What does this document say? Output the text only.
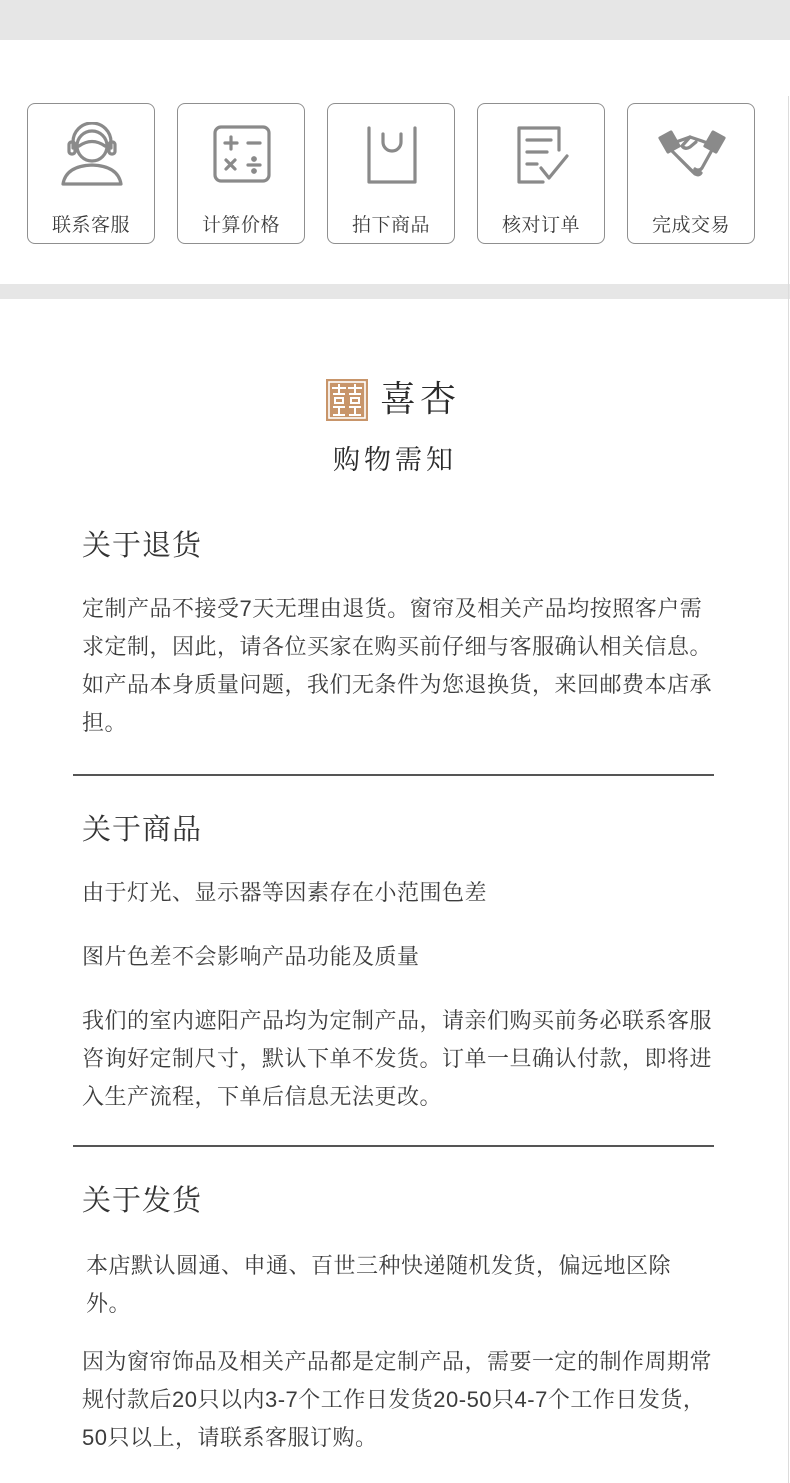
联系客服	计算价格	拍下商品	核对订单	完成交易
喜杏
购物需知
关于退货
定制产品不接受7天无理由退货。窗帘及相关产品均按照客户需求定制，因此，请各位买家在购买前仔细与客服确认相关信息。如产品本身质量问题，我们无条件为您退换货，来回邮费本店承担。
关于商品
由于灯光、显示器等因素存在小范围色差
图片色差不会影响产品功能及质量
我们的室内遮阳产品均为定制产品，请亲们购买前务必联系客服咨询好定制尺寸，默认下单不发货。订单一旦确认付款，即将进入生产流程，下单后信息无法更改。
关于发货
本店默认圆通、申通、百世三种快递随机发货，偏远地区除外。
因为窗帘饰品及相关产品都是定制产品，需要一定的制作周期常规付款后20只以内3-7个工作日发货20-50只4-7个工作日发货，50只以上，请联系客服订购。
